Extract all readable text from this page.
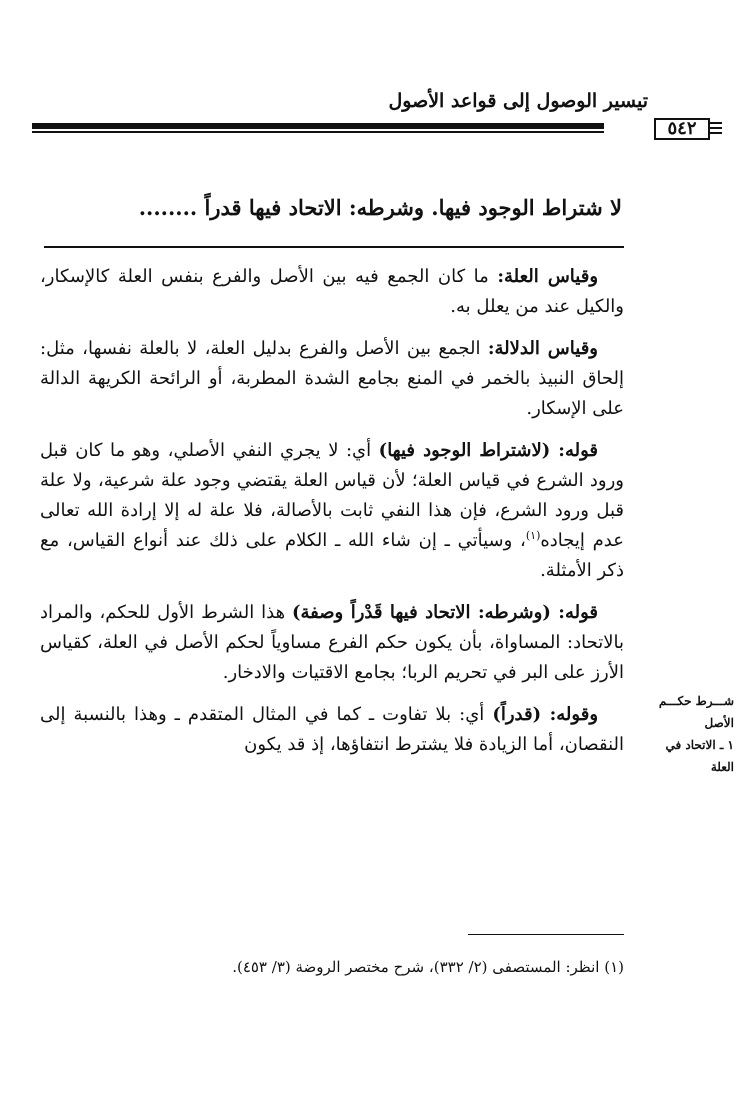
تيسير الوصول إلى قواعد الأصول
٥٤٢
لا شتراط الوجود فيها. وشرطه: الاتحاد فيها قدراً ........

وقياس العلة: ما كان الجمع فيه بين الأصل والفرع بنفس العلة كالإسكار، والكيل عند من يعلل به.

وقياس الدلالة: الجمع بين الأصل والفرع بدليل العلة، لا بالعلة نفسها، مثل: إلحاق النبيذ بالخمر في المنع بجامع الشدة المطربة، أو الرائحة الكريهة الدالة على الإسكار.

قوله: (لاشتراط الوجود فيها) أي: لا يجري النفي الأصلي، وهو ما كان قبل ورود الشرع في قياس العلة؛ لأن قياس العلة يقتضي وجود علة شرعية، ولا علة قبل ورود الشرع، فإن هذا النفي ثابت بالأصالة، فلا علة له إلا إرادة الله تعالى عدم إيجاده$^{(١)}$، وسيأتي ـ إن شاء الله ـ الكلام على ذلك عند أنواع القياس، مع ذكر الأمثلة.

قوله: (وشرطه: الاتحاد فيها قَدْراً وصفة) هذا الشرط الأول للحكم، والمراد بالاتحاد: المساواة، بأن يكون حكم الفرع مساوياً لحكم الأصل في العلة، كقياس الأرز على البر في تحريم الربا؛ بجامع الاقتيات والادخار.

وقوله: (قدراً) أي: بلا تفاوت ـ كما في المثال المتقدم ـ وهذا بالنسبة إلى النقصان، أما الزيادة فلا يشترط انتفاؤها، إذ قد يكون

شـــرط حكـــم
الأصل
١ ـ الاتحاد في
العلة
(١) انظر: المستصفى (٢/ ٣٣٢)، شرح مختصر الروضة (٣/ ٤٥٣).
